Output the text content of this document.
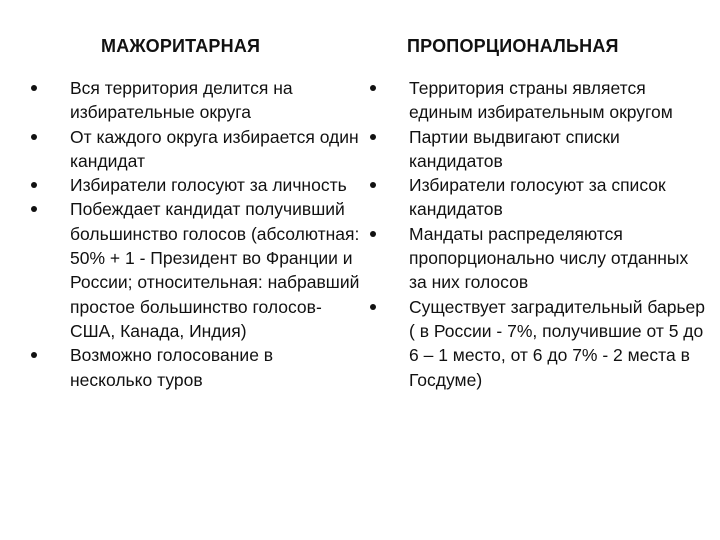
МАЖОРИТАРНАЯ
Вся территория делится на избирательные округа
От каждого округа избирается один кандидат
Избиратели голосуют за личность
Побеждает кандидат получивший большинство голосов (абсолютная: 50% + 1 - Президент во Франции и России; относительная: набравший простое большинство голосов- США, Канада, Индия)
Возможно голосование в несколько туров
ПРОПОРЦИОНАЛЬНАЯ
Территория страны является единым избирательным округом
Партии выдвигают списки кандидатов
Избиратели голосуют за список кандидатов
Мандаты распределяются пропорционально числу отданных за них голосов
Существует заградительный барьер ( в России - 7%, получившие от 5 до 6 – 1 место, от 6 до 7% - 2 места в Госдуме)
